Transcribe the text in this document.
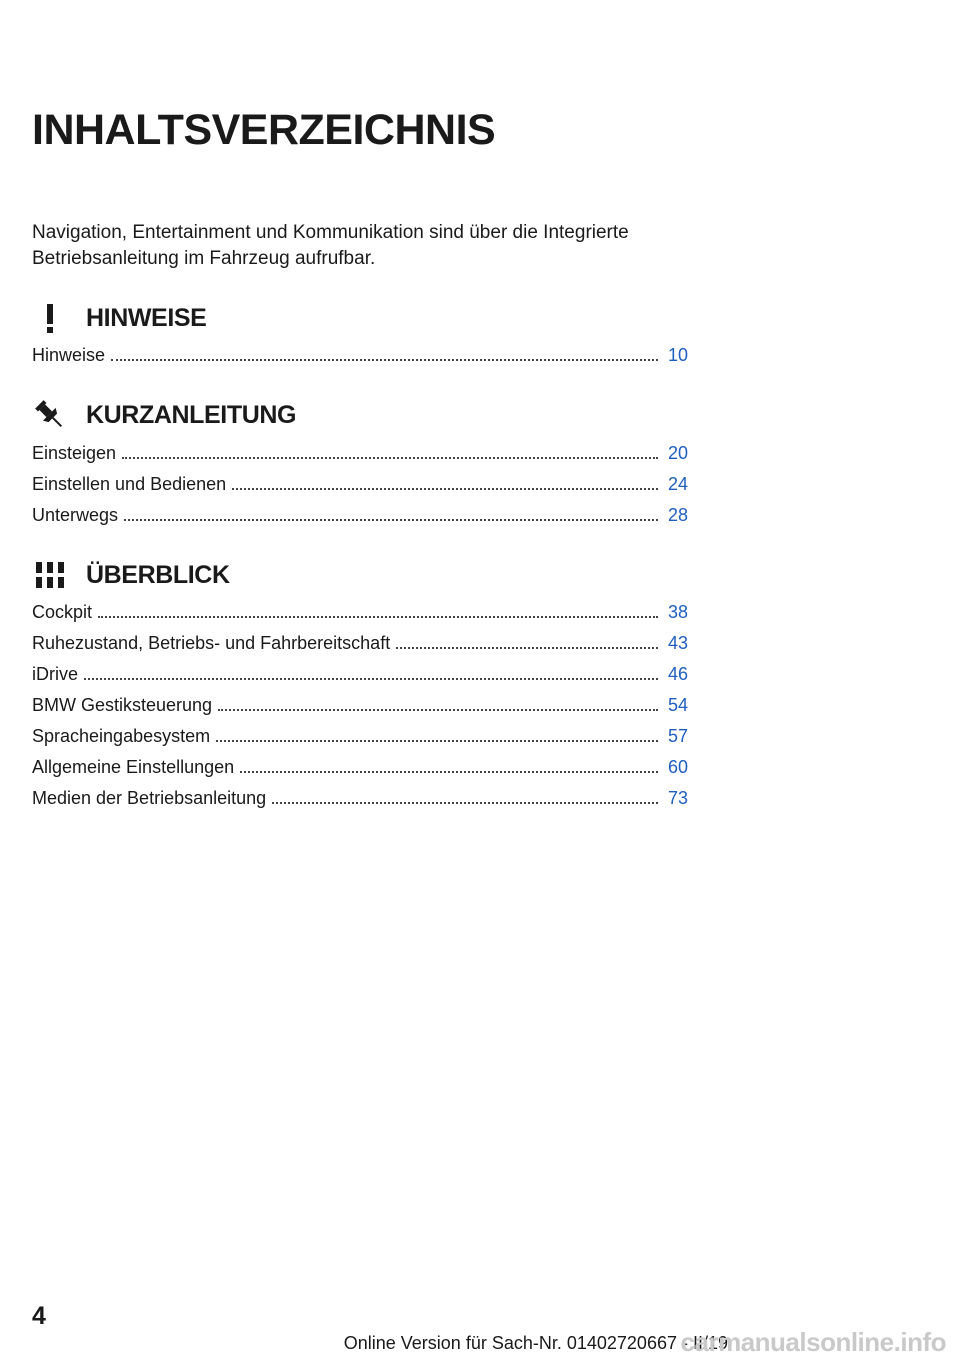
INHALTSVERZEICHNIS

Navigation, Entertainment und Kommunikation sind über die Integrierte Betriebsanleitung im Fahrzeug aufrufbar.

HINWEISE
Hinweise	10
KURZANLEITUNG
Einsteigen	20
Einstellen und Bedienen	24
Unterwegs	28
ÜBERBLICK
Cockpit	38
Ruhezustand, Betriebs- und Fahrbereitschaft	43
iDrive	46
BMW Gestiksteuerung	54
Spracheingabesystem	57
Allgemeine Einstellungen	60
Medien der Betriebsanleitung	73
4
Online Version für Sach-Nr. 01402720667 - II/19
carmanualsonline.info
